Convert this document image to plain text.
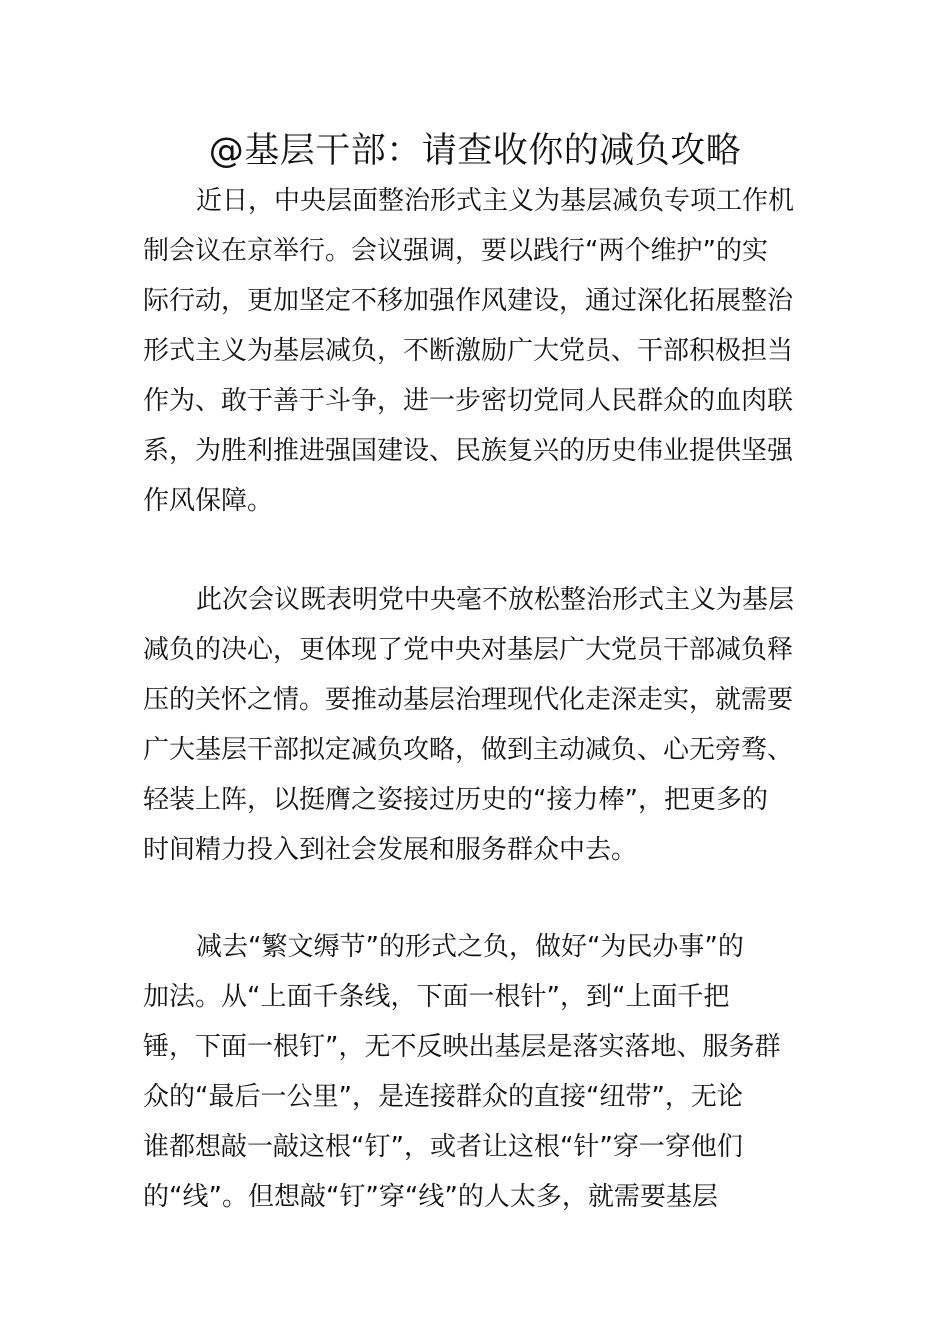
@基层干部：请查收你的减负攻略
近日，中央层面整治形式主义为基层减负专项工作机
制会议在京举行。会议强调，要以践行“两个维护”的实
际行动，更加坚定不移加强作风建设，通过深化拓展整治
形式主义为基层减负，不断激励广大党员、干部积极担当
作为、敢于善于斗争，进一步密切党同人民群众的血肉联
系，为胜利推进强国建设、民族复兴的历史伟业提供坚强
作风保障。
此次会议既表明党中央毫不放松整治形式主义为基层
减负的决心，更体现了党中央对基层广大党员干部减负释
压的关怀之情。要推动基层治理现代化走深走实，就需要
广大基层干部拟定减负攻略，做到主动减负、心无旁骛、
轻装上阵，以挺膺之姿接过历史的“接力棒”，把更多的
时间精力投入到社会发展和服务群众中去。
减去“繁文缛节”的形式之负，做好“为民办事”的
加法。从“上面千条线，下面一根针”，到“上面千把
锤，下面一根钉”，无不反映出基层是落实落地、服务群
众的“最后一公里”，是连接群众的直接“纽带”，无论
谁都想敲一敲这根“钉”，或者让这根“针”穿一穿他们
的“线”。但想敲“钉”穿“线”的人太多，就需要基层
